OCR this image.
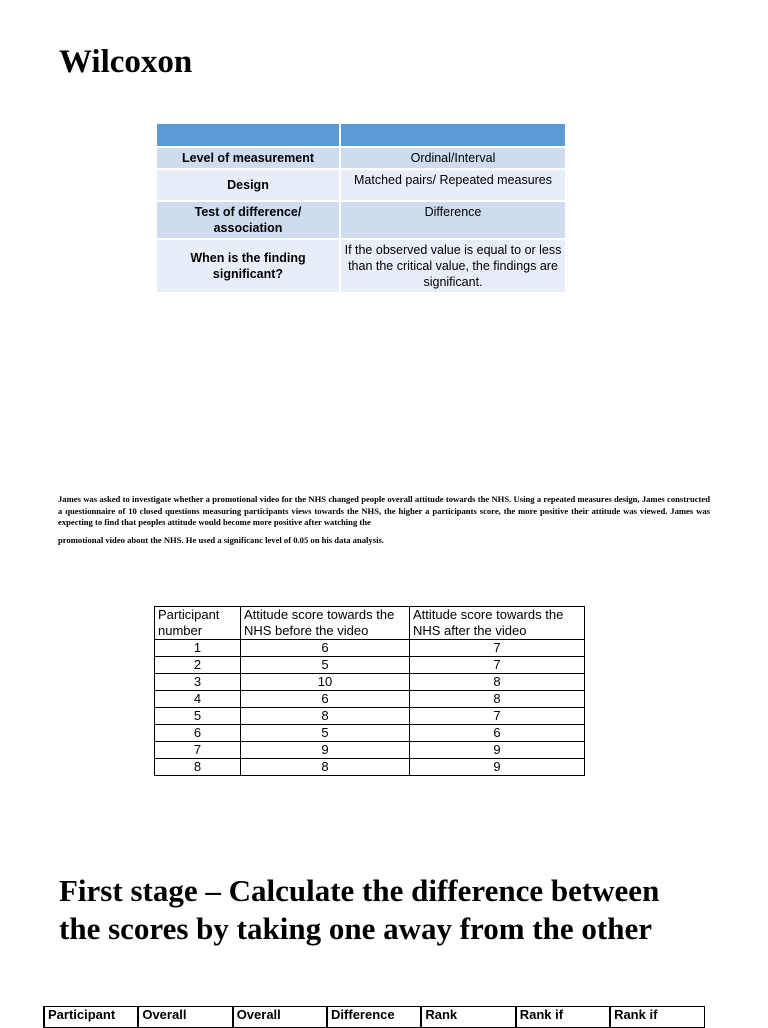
Wilcoxon

Level of measurement	Ordinal/Interval
Design	Matched pairs/ Repeated measures
Test of difference/ association	Difference
When is the finding significant?	If the observed value is equal to or less than the critical value, the findings are significant.

James was asked to investigate whether a promotional video for the NHS changed people overall attitude towards the NHS. Using a repeated measures design, James constructed a questionnaire of 10 closed questions measuring participants views towards the NHS, the higher a participants score, the more positive their attitude was viewed. James was expecting to find that peoples attitude would become more positive after watching the
promotional video about the NHS. He used a significanc level of 0.05 on his data analysis.

Participant number	Attitude score towards the NHS before the video	Attitude score towards the NHS after the video
1	6	7
2	5	7
3	10	8
4	6	8
5	8	7
6	5	6
7	9	9
8	8	9
First stage – Calculate the difference between the scores by taking one away from the other
Participant	Overall	Overall	Difference	Rank	Rank if	Rank if
